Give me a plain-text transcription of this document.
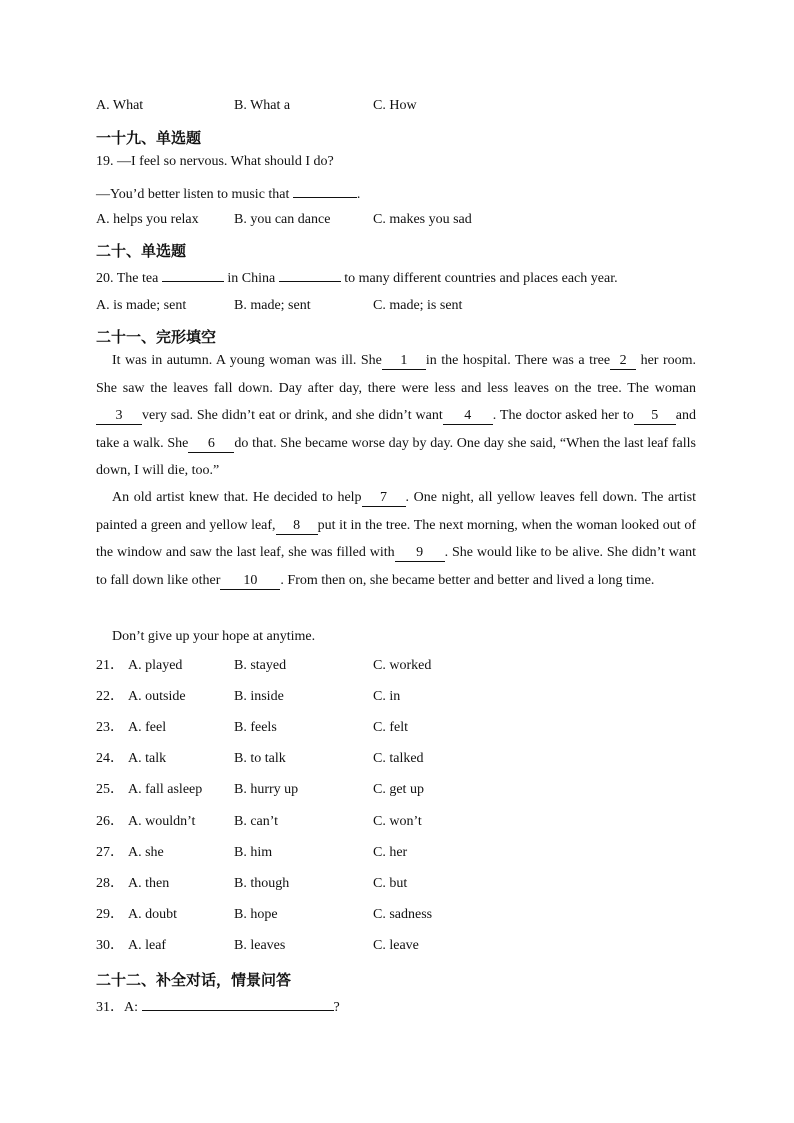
A. What	B. What a	C. How
一十九、单选题
19. —I feel so nervous. What should I do?
—You’d better listen to music that	.
A. helps you relax	B. you can dance	C. makes you sad
二十、单选题
20. The tea	in China	to many different countries and places each year.
A. is made; sent	B. made; sent	C. made; is sent
二十一、完形填空
It was in autumn. A young woman was ill. She 1 in the hospital. There was a tree 2 her room. She saw the leaves fall down. Day after day, there were less and less leaves on the tree. The woman3 very sad. She didn’t eat or drink, and she didn’t want 4 . The doctor asked her to 5 and take a walk. She 6 do that. She became worse day by day. One day she said, “When the last leaf falls down, I will die, too.”
An old artist knew that. He decided to help 7 . One night, all yellow leaves fell down. The artist painted a green and yellow leaf, 8 put it in the tree. The next morning, when the woman looked out of the window and saw the last leaf, she was filled with 9 . She would like to be alive. She didn’t want to fall down like other 10 . From then on, she became better and better and lived a long time.
Don’t give up your hope at anytime.
21． A. played	B. stayed	C. worked
22． A. outside	B. inside	C. in
23． A. feel	B. feels	C. felt
24． A. talk	B. to talk	C. talked
25． A. fall asleep B. hurry up	C. get up
26． A. wouldn’t	B. can’t	C. won’t
27． A. she	B. him	C. her
28． A. then	B. though	C. but
29． A. doubt	B. hope	C. sadness
30． A. leaf	B. leaves	C. leave
二十二、补全对话，情景问答
31．A:	?
